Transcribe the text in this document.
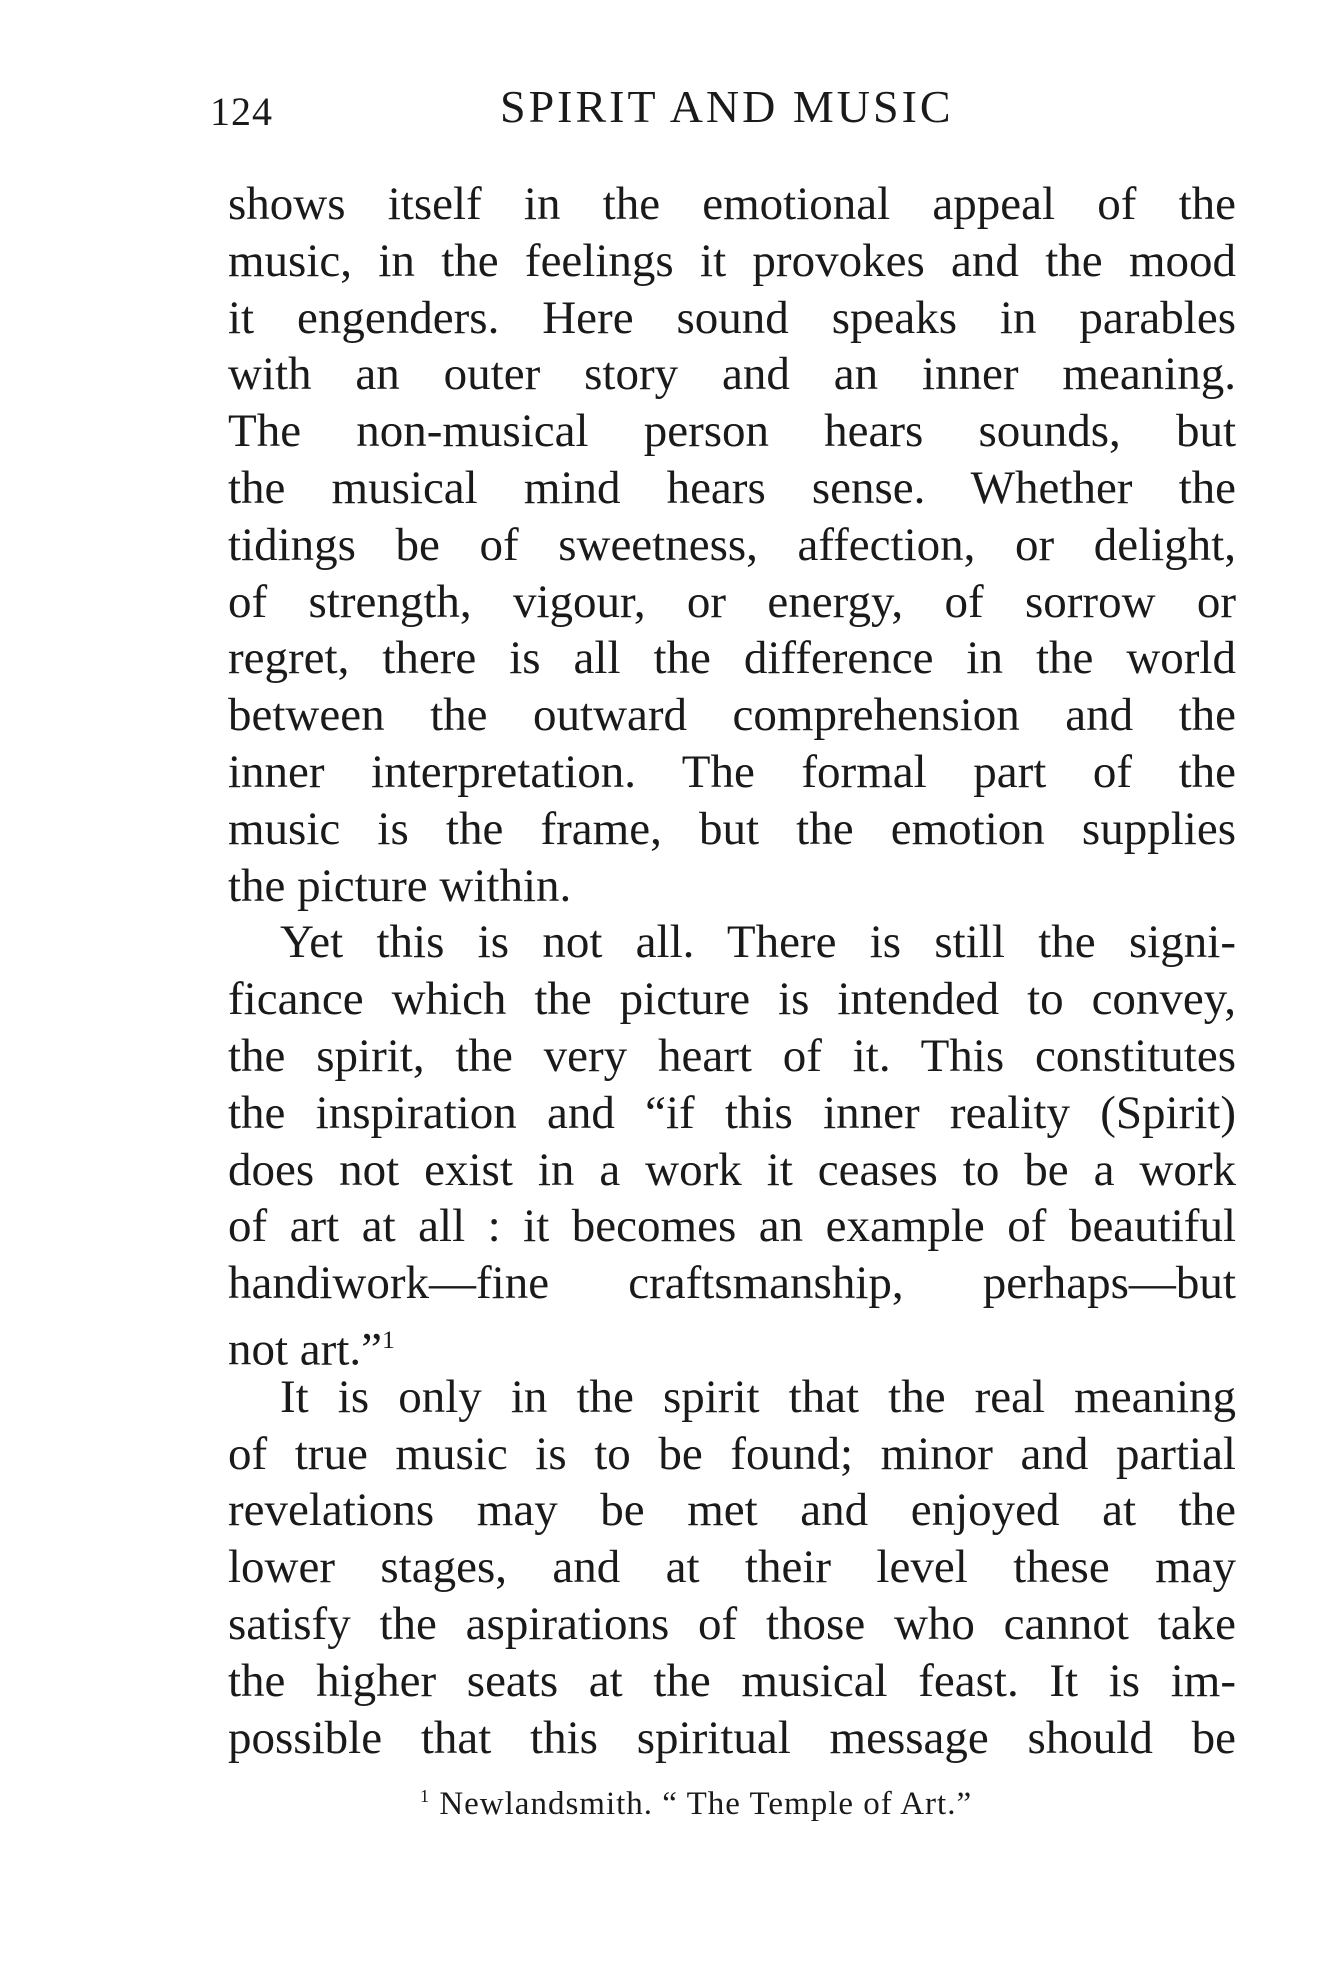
124	SPIRIT AND MUSIC
shows itself in the emotional appeal of the
music, in the feelings it provokes and the mood
it engenders. Here sound speaks in parables
with an outer story and an inner meaning.
The non-musical person hears sounds, but
the musical mind hears sense. Whether the
tidings be of sweetness, affection, or delight,
of strength, vigour, or energy, of sorrow or
regret, there is all the difference in the world
between the outward comprehension and the
inner interpretation. The formal part of the
music is the frame, but the emotion supplies
the picture within.
Yet this is not all. There is still the signi-
ficance which the picture is intended to convey,
the spirit, the very heart of it. This constitutes
the inspiration and “if this inner reality (Spirit)
does not exist in a work it ceases to be a work
of art at all : it becomes an example of beautiful
handiwork—fine craftsmanship, perhaps—but
not art.”$^1$
It is only in the spirit that the real meaning
of true music is to be found; minor and partial
revelations may be met and enjoyed at the
lower stages, and at their level these may
satisfy the aspirations of those who cannot take
the higher seats at the musical feast. It is im-
possible that this spiritual message should be
$^1$ Newlandsmith. “ The Temple of Art.”
